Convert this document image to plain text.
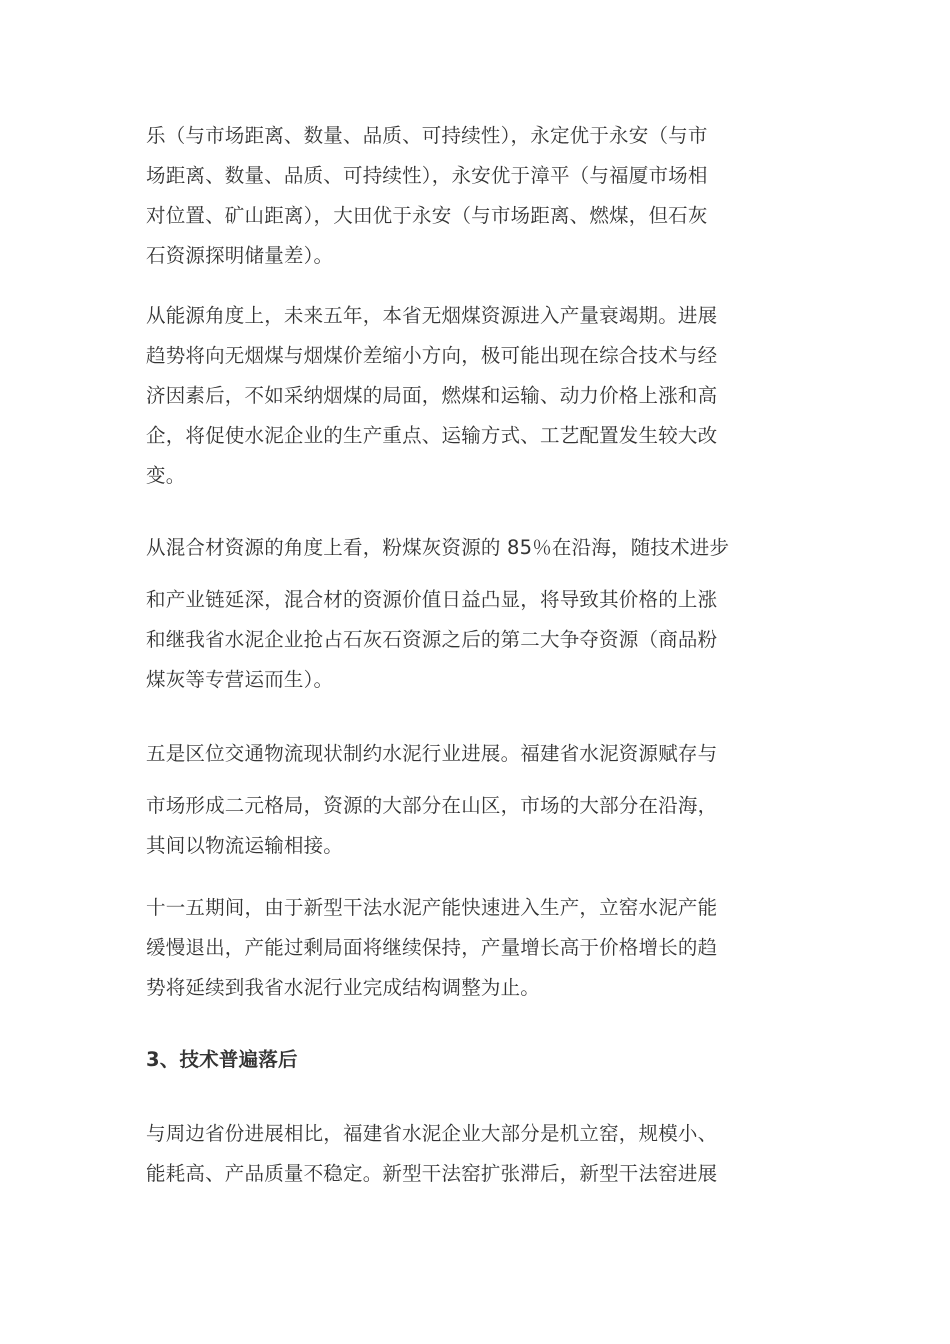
乐（与市场距离、数量、品质、可持续性），永定优于永安（与市
场距离、数量、品质、可持续性），永安优于漳平（与福厦市场相
对位置、矿山距离），大田优于永安（与市场距离、燃煤，但石灰
石资源探明储量差）。
从能源角度上，未来五年，本省无烟煤资源进入产量衰竭期。进展
趋势将向无烟煤与烟煤价差缩小方向，极可能出现在综合技术与经
济因素后，不如采纳烟煤的局面，燃煤和运输、动力价格上涨和高
企，将促使水泥企业的生产重点、运输方式、工艺配置发生较大改
变。
从混合材资源的角度上看，粉煤灰资源的 85％在沿海，随技术进步
和产业链延深，混合材的资源价值日益凸显，将导致其价格的上涨
和继我省水泥企业抢占石灰石资源之后的第二大争夺资源（商品粉
煤灰等专营运而生）。
五是区位交通物流现状制约水泥行业进展。福建省水泥资源赋存与
市场形成二元格局，资源的大部分在山区，市场的大部分在沿海，
其间以物流运输相接。
十一五期间，由于新型干法水泥产能快速进入生产，立窑水泥产能
缓慢退出，产能过剩局面将继续保持，产量增长高于价格增长的趋
势将延续到我省水泥行业完成结构调整为止。
3、技术普遍落后
与周边省份进展相比，福建省水泥企业大部分是机立窑，规模小、
能耗高、产品质量不稳定。新型干法窑扩张滞后，新型干法窑进展
